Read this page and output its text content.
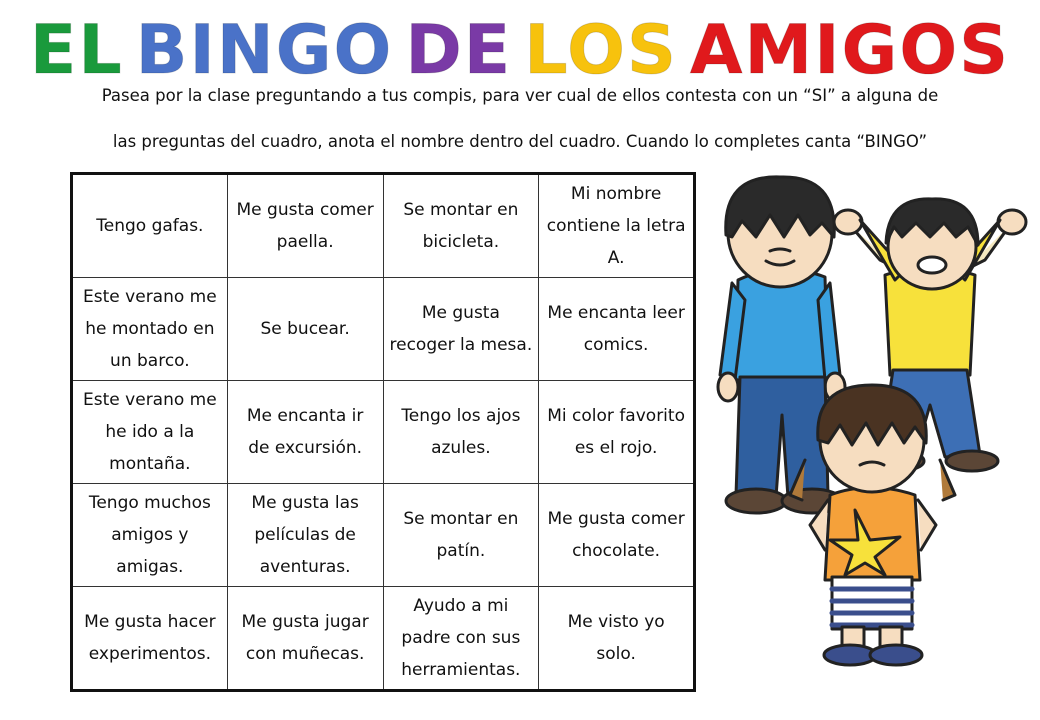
EL BINGO DE LOS AMIGOS
Pasea por la clase preguntando a tus compis, para ver cual de ellos contesta con un “SI” a alguna de
las preguntas del cuadro, anota el nombre dentro del cuadro. Cuando lo completes canta “BINGO”
Tengo gafas.	Me gusta comer paella.	Se montar en bicicleta.	Mi nombre contiene la letra A.
Este verano me he montado en un barco.	Se bucear.	Me gusta recoger la mesa.	Me encanta leer comics.
Este verano me he ido a la montaña.	Me encanta ir de excursión.	Tengo los ajos azules.	Mi color favorito es el rojo.
Tengo muchos amigos y amigas.	Me gusta las películas de aventuras.	Se montar en patín.	Me gusta comer chocolate.
Me gusta hacer experimentos.	Me gusta jugar con muñecas.	Ayudo a mi padre con sus herramientas.	Me visto yo solo.
